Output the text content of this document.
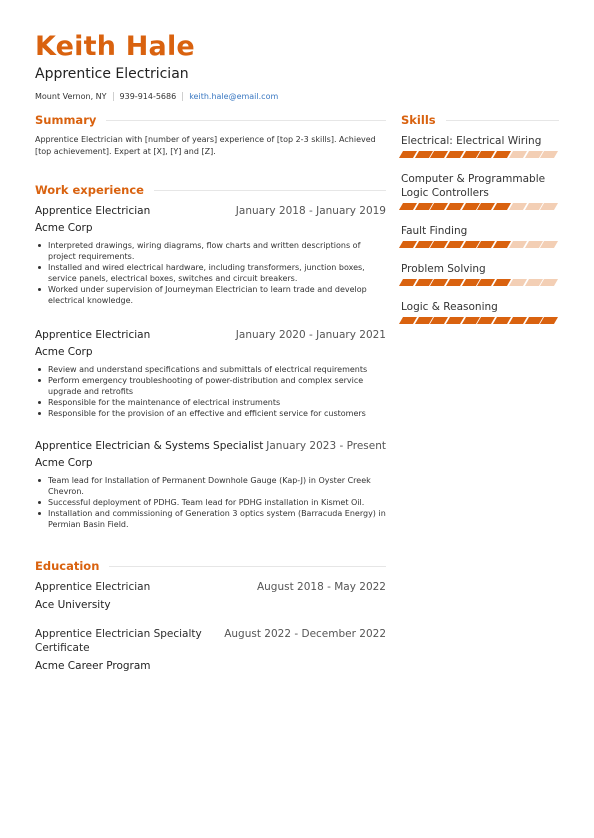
Keith Hale
Apprentice Electrician
Mount Vernon, NY 939-914-5686 keith.hale@email.com
Summary
Apprentice Electrician with [number of years] experience of [top 2-3 skills]. Achieved [top achievement]. Expert at [X], [Y] and [Z].
Work experience
Apprentice Electrician	January 2018 - January 2019
Acme Corp
Interpreted drawings, wiring diagrams, flow charts and written descriptions of project requirements.
Installed and wired electrical hardware, including transformers, junction boxes, service panels, electrical boxes, switches and circuit breakers.
Worked under supervision of Journeyman Electrician to learn trade and develop electrical knowledge.
Apprentice Electrician	January 2020 - January 2021
Acme Corp
Review and understand specifications and submittals of electrical requirements
Perform emergency troubleshooting of power-distribution and complex service upgrade and retrofits
Responsible for the maintenance of electrical instruments
Responsible for the provision of an effective and efficient service for customers
Apprentice Electrician & Systems Specialist January 2023 - Present
Acme Corp
Team lead for Installation of Permanent Downhole Gauge (Kap-J) in Oyster Creek Chevron.
Successful deployment of PDHG. Team lead for PDHG installation in Kismet Oil.
Installation and commissioning of Generation 3 optics system (Barracuda Energy) in Permian Basin Field.
Education
Apprentice Electrician	August 2018 - May 2022
Ace University
Apprentice Electrician Specialty Certificate
August 2022 - December 2022
Acme Career Program
Skills
Electrical: Electrical Wiring
Computer & Programmable Logic Controllers
Fault Finding
Problem Solving
Logic & Reasoning
